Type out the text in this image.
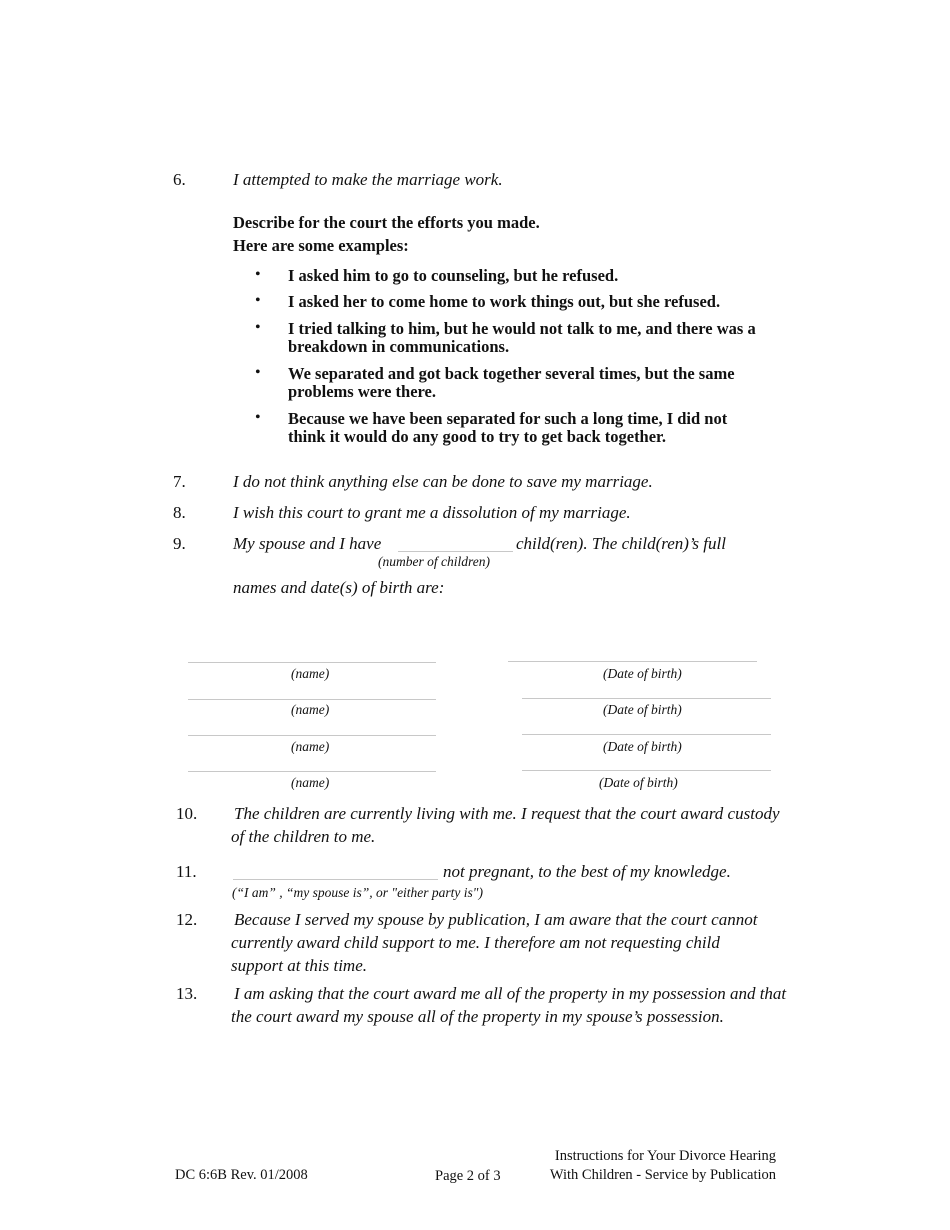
6.	I attempted to make the marriage work.
Describe for the court the efforts you made.
Here are some examples:
• I asked him to go to counseling, but he refused.
• I asked her to come home to work things out, but she refused.
• I tried talking to him, but he would not talk to me, and there was a breakdown in communications.
• We separated and got back together several times, but the same problems were there.
• Because we have been separated for such a long time, I did not think it would do any good to try to get back together.
7.	I do not think anything else can be done to save my marriage.
8.	I wish this court to grant me a dissolution of my marriage.
9.	My spouse and I have	child(ren). The child(ren)’s full
(number of children)
names and date(s) of birth are:
(name)	(Date of birth)
(name)	(Date of birth)
(name)	(Date of birth)
(name)	(Date of birth)
10. The children are currently living with me. I request that the court award custody of the children to me.
11.	not pregnant, to the best of my knowledge.
(“I am” , “my spouse is”, or "either party is")
12. Because I served my spouse by publication, I am aware that the court cannot currently award child support to me. I therefore am not requesting child support at this time.
13. I am asking that the court award me all of the property in my possession and that the court award my spouse all of the property in my spouse’s possession.
DC 6:6B Rev. 01/2008	Page 2 of 3
Instructions for Your Divorce Hearing
With Children - Service by Publication
